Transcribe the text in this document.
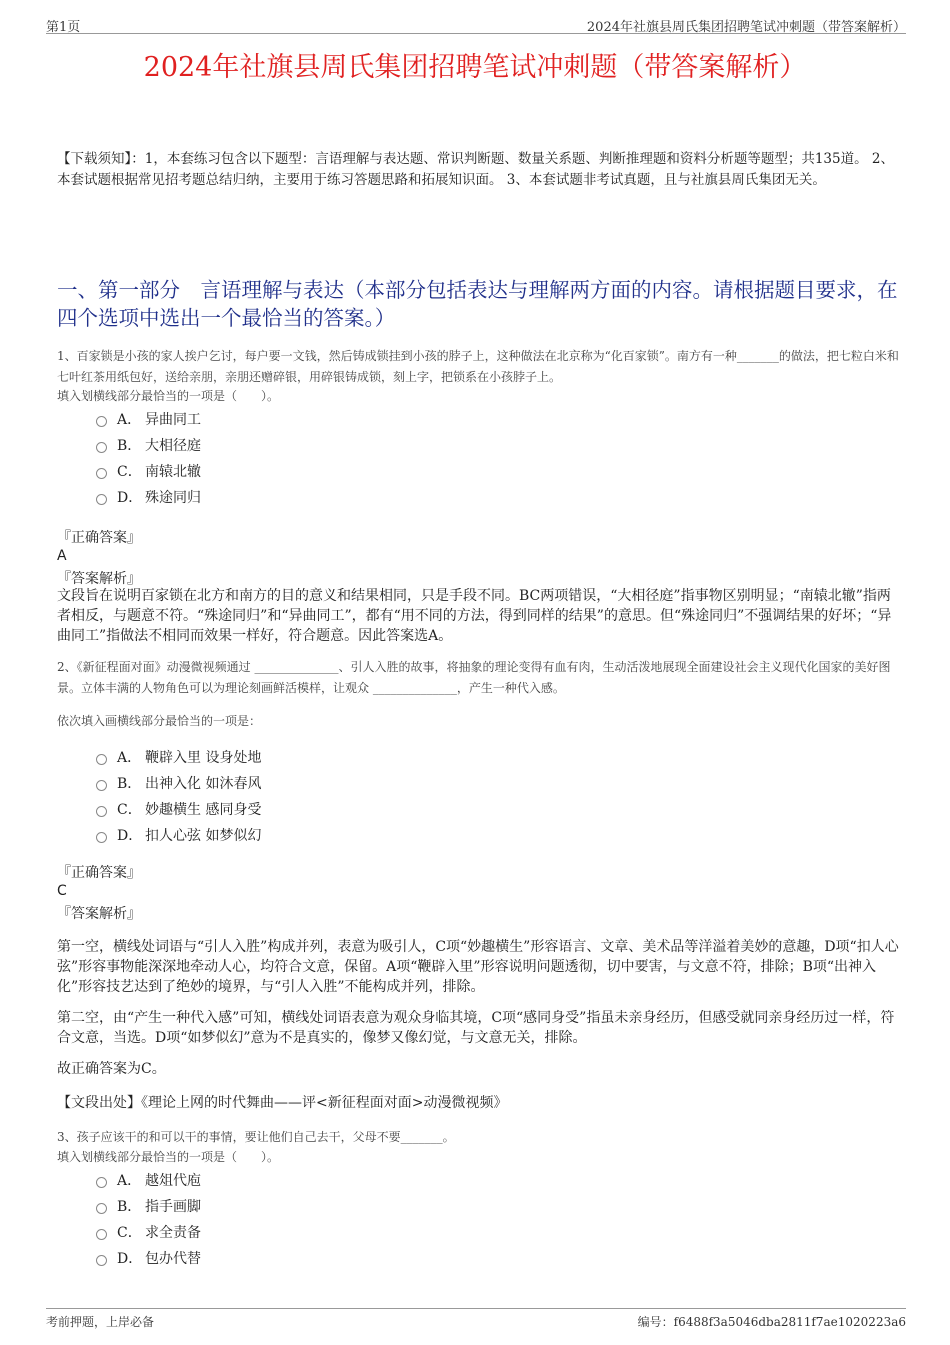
第1页	2024年社旗县周氏集团招聘笔试冲刺题（带答案解析）
2024年社旗县周氏集团招聘笔试冲刺题（带答案解析）
【下载须知】：1，本套练习包含以下题型：言语理解与表达题、常识判断题、数量关系题、判断推理题和资料分析题等题型；共135道。 2、本套试题根据常见招考题总结归纳，主要用于练习答题思路和拓展知识面。 3、本套试题非考试真题，且与社旗县周氏集团无关。
一、第一部分　言语理解与表达（本部分包括表达与理解两方面的内容。请根据题目要求，在四个选项中选出一个最恰当的答案。）
1、百家锁是小孩的家人挨户乞讨，每户要一文钱，然后铸成锁挂到小孩的脖子上，这种做法在北京称为“化百家锁”。南方有一种_______的做法，把七粒白米和七叶红茶用纸包好，送给亲朋，亲朋还赠碎银，用碎银铸成锁，刻上字，把锁系在小孩脖子上。
填入划横线部分最恰当的一项是（　　）。
A． 异曲同工
B． 大相径庭
C． 南辕北辙
D． 殊途同归
『正确答案』
A
『答案解析』
文段旨在说明百家锁在北方和南方的目的意义和结果相同，只是手段不同。BC两项错误，“大相径庭”指事物区别明显；“南辕北辙”指两者相反，与题意不符。“殊途同归”和“异曲同工”，都有“用不同的方法，得到同样的结果”的意思。但“殊途同归”不强调结果的好坏；“异曲同工”指做法不相同而效果一样好，符合题意。因此答案选A。
2、《新征程面对面》动漫微视频通过 ______________、引人入胜的故事，将抽象的理论变得有血有肉，生动活泼地展现全面建设社会主义现代化国家的美好图景。立体丰满的人物角色可以为理论刻画鲜活模样，让观众 ______________，产生一种代入感。
依次填入画横线部分最恰当的一项是：
A． 鞭辟入里 设身处地
B． 出神入化 如沐春风
C． 妙趣横生 感同身受
D． 扣人心弦 如梦似幻
『正确答案』
C
『答案解析』
第一空，横线处词语与“引人入胜”构成并列，表意为吸引人，C项“妙趣横生”形容语言、文章、美术品等洋溢着美妙的意趣，D项“扣人心弦”形容事物能深深地牵动人心，均符合文意，保留。A项“鞭辟入里”形容说明问题透彻，切中要害，与文意不符，排除；B项“出神入化”形容技艺达到了绝妙的境界，与“引人入胜”不能构成并列，排除。
第二空，由“产生一种代入感”可知，横线处词语表意为观众身临其境，C项“感同身受”指虽未亲身经历，但感受就同亲身经历过一样，符合文意，当选。D项“如梦似幻”意为不是真实的，像梦又像幻觉，与文意无关，排除。
故正确答案为C。
【文段出处】《理论上网的时代舞曲——评<新征程面对面>动漫微视频》
3、孩子应该干的和可以干的事情，要让他们自己去干，父母不要_______。
填入划横线部分最恰当的一项是（　　）。
A． 越俎代庖
B． 指手画脚
C． 求全责备
D． 包办代替
考前押题，上岸必备	编号：f6488f3a5046dba2811f7ae1020223a6
